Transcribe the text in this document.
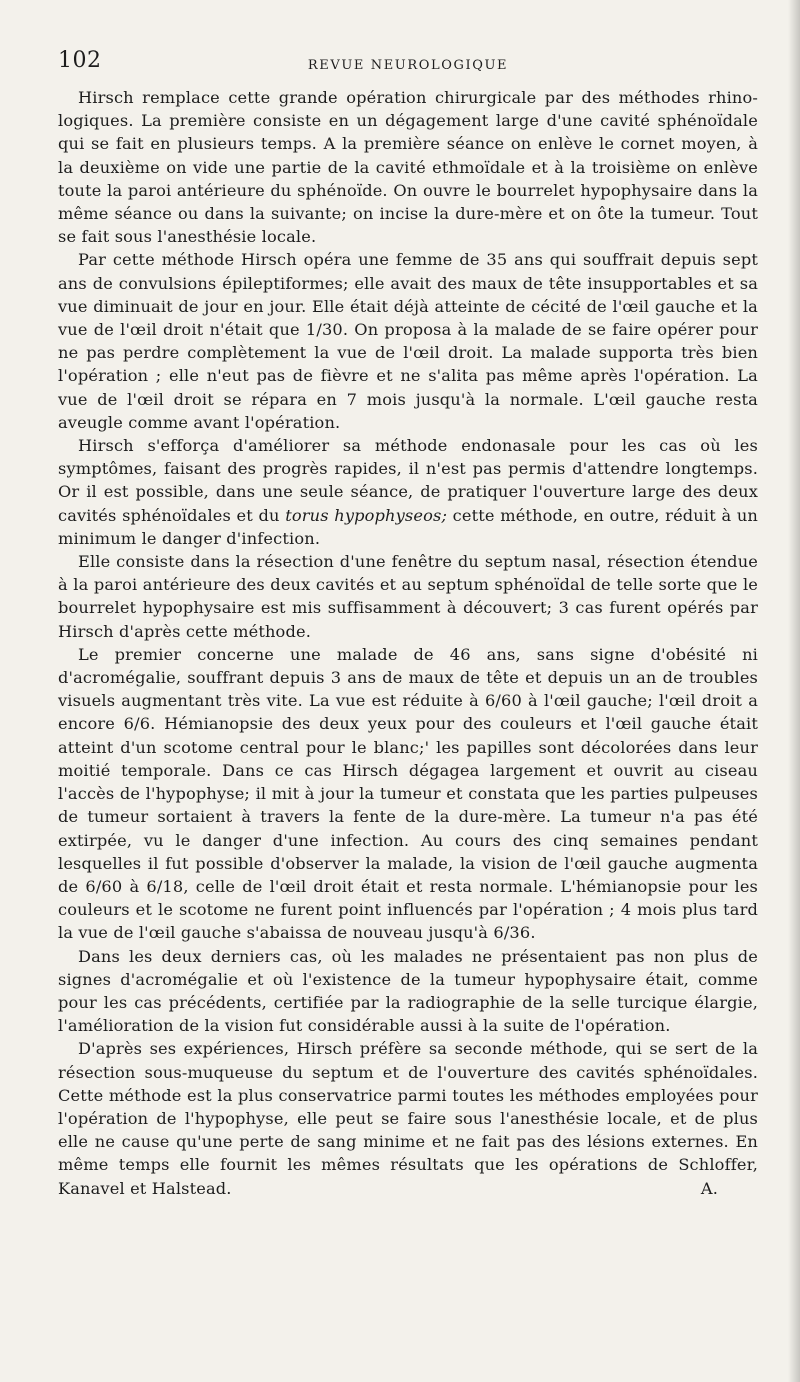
102	REVUE NEUROLOGIQUE

Hirsch remplace cette grande opération chirurgicale par des méthodes rhino-logiques. La première consiste en un dégagement large d'une cavité sphénoïdale qui se fait en plusieurs temps. A la première séance on enlève le cornet moyen, à la deuxième on vide une partie de la cavité ethmoïdale et à la troisième on enlève toute la paroi antérieure du sphénoïde. On ouvre le bourrelet hypophysaire dans la même séance ou dans la suivante; on incise la dure-mère et on ôte la tumeur. Tout se fait sous l'anesthésie locale.

Par cette méthode Hirsch opéra une femme de 35 ans qui souffrait depuis sept ans de convulsions épileptiformes; elle avait des maux de tête insupportables et sa vue diminuait de jour en jour. Elle était déjà atteinte de cécité de l'œil gauche et la vue de l'œil droit n'était que 1/30. On proposa à la malade de se faire opérer pour ne pas perdre complètement la vue de l'œil droit. La malade supporta très bien l'opération ; elle n'eut pas de fièvre et ne s'alita pas même après l'opération. La vue de l'œil droit se répara en 7 mois jusqu'à la normale. L'œil gauche resta aveugle comme avant l'opération.

Hirsch s'efforça d'améliorer sa méthode endonasale pour les cas où les symptômes, faisant des progrès rapides, il n'est pas permis d'attendre longtemps. Or il est possible, dans une seule séance, de pratiquer l'ouverture large des deux cavités sphénoïdales et du torus hypophyseos; cette méthode, en outre, réduit à un minimum le danger d'infection.

Elle consiste dans la résection d'une fenêtre du septum nasal, résection étendue à la paroi antérieure des deux cavités et au septum sphénoïdal de telle sorte que le bourrelet hypophysaire est mis suffisamment à découvert; 3 cas furent opérés par Hirsch d'après cette méthode.

Le premier concerne une malade de 46 ans, sans signe d'obésité ni d'acromégalie, souffrant depuis 3 ans de maux de tête et depuis un an de troubles visuels augmentant très vite. La vue est réduite à 6/60 à l'œil gauche; l'œil droit a encore 6/6. Hémianopsie des deux yeux pour des couleurs et l'œil gauche était atteint d'un scotome central pour le blanc;' les papilles sont décolorées dans leur moitié temporale. Dans ce cas Hirsch dégagea largement et ouvrit au ciseau l'accès de l'hypophyse; il mit à jour la tumeur et constata que les parties pulpeuses de tumeur sortaient à travers la fente de la dure-mère. La tumeur n'a pas été extirpée, vu le danger d'une infection. Au cours des cinq semaines pendant lesquelles il fut possible d'observer la malade, la vision de l'œil gauche augmenta de 6/60 à 6/18, celle de l'œil droit était et resta normale. L'hémianopsie pour les couleurs et le scotome ne furent point influencés par l'opération ; 4 mois plus tard la vue de l'œil gauche s'abaissa de nouveau jusqu'à 6/36.

Dans les deux derniers cas, où les malades ne présentaient pas non plus de signes d'acromégalie et où l'existence de la tumeur hypophysaire était, comme pour les cas précédents, certifiée par la radiographie de la selle turcique élargie, l'amélioration de la vision fut considérable aussi à la suite de l'opération.

D'après ses expériences, Hirsch préfère sa seconde méthode, qui se sert de la résection sous-muqueuse du septum et de l'ouverture des cavités sphénoïdales. Cette méthode est la plus conservatrice parmi toutes les méthodes employées pour l'opération de l'hypophyse, elle peut se faire sous l'anesthésie locale, et de plus elle ne cause qu'une perte de sang minime et ne fait pas des lésions externes. En même temps elle fournit les mêmes résultats que les opérations de Schloffer, Kanavel et Halstead.	A.
